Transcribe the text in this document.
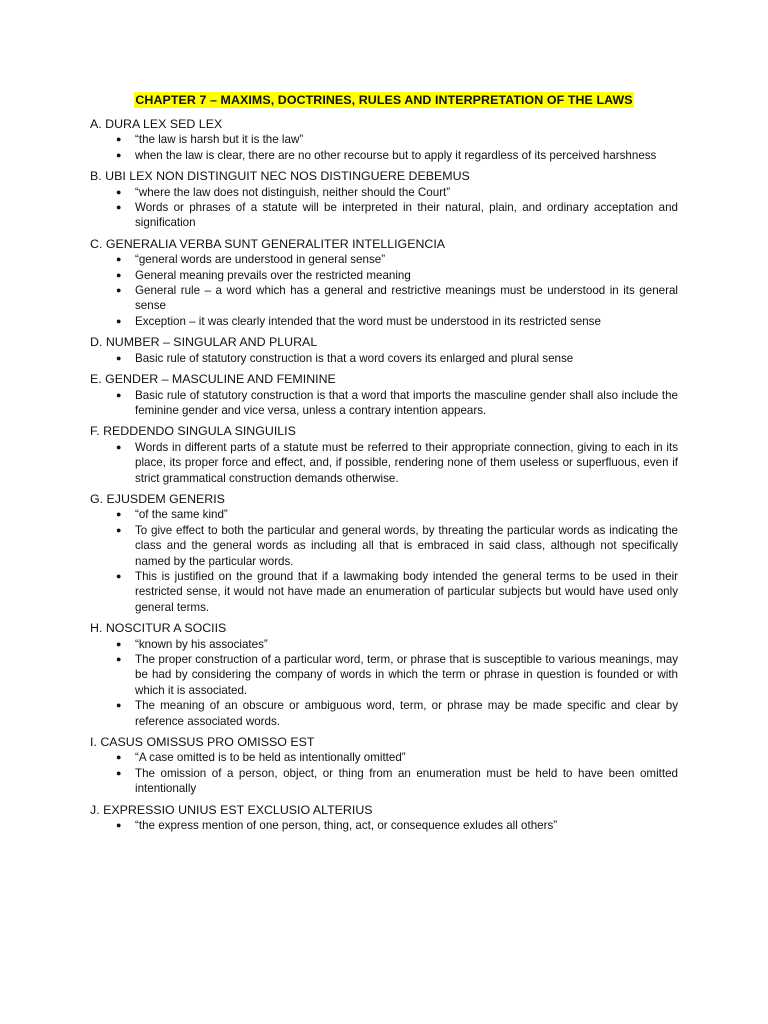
CHAPTER 7 – MAXIMS, DOCTRINES, RULES AND INTERPRETATION OF THE LAWS
A. DURA LEX SED LEX
● “the law is harsh but it is the law”
● when the law is clear, there are no other recourse but to apply it regardless of its perceived harshness
B. UBI LEX NON DISTINGUIT NEC NOS DISTINGUERE DEBEMUS
● “where the law does not distinguish, neither should the Court”
● Words or phrases of a statute will be interpreted in their natural, plain, and ordinary acceptation and signification
C. GENERALIA VERBA SUNT GENERALITER INTELLIGENCIA
● “general words are understood in general sense”
● General meaning prevails over the restricted meaning
● General rule – a word which has a general and restrictive meanings must be understood in its general sense
● Exception – it was clearly intended that the word must be understood in its restricted sense
D. NUMBER – SINGULAR AND PLURAL
● Basic rule of statutory construction is that a word covers its enlarged and plural sense
E. GENDER – MASCULINE AND FEMININE
● Basic rule of statutory construction is that a word that imports the masculine gender shall also include the feminine gender and vice versa, unless a contrary intention appears.
F. REDDENDO SINGULA SINGUILIS
● Words in different parts of a statute must be referred to their appropriate connection, giving to each in its place, its proper force and effect, and, if possible, rendering none of them useless or superfluous, even if strict grammatical construction demands otherwise.
G. EJUSDEM GENERIS
● “of the same kind”
● To give effect to both the particular and general words, by threating the particular words as indicating the class and the general words as including all that is embraced in said class, although not specifically named by the particular words.
● This is justified on the ground that if a lawmaking body intended the general terms to be used in their restricted sense, it would not have made an enumeration of particular subjects but would have used only general terms.
H. NOSCITUR A SOCIIS
● “known by his associates”
● The proper construction of a particular word, term, or phrase that is susceptible to various meanings, may be had by considering the company of words in which the term or phrase in question is founded or with which it is associated.
● The meaning of an obscure or ambiguous word, term, or phrase may be made specific and clear by reference associated words.
I. CASUS OMISSUS PRO OMISSO EST
● “A case omitted is to be held as intentionally omitted”
● The omission of a person, object, or thing from an enumeration must be held to have been omitted intentionally
J. EXPRESSIO UNIUS EST EXCLUSIO ALTERIUS
● “the express mention of one person, thing, act, or consequence exludes all others”
